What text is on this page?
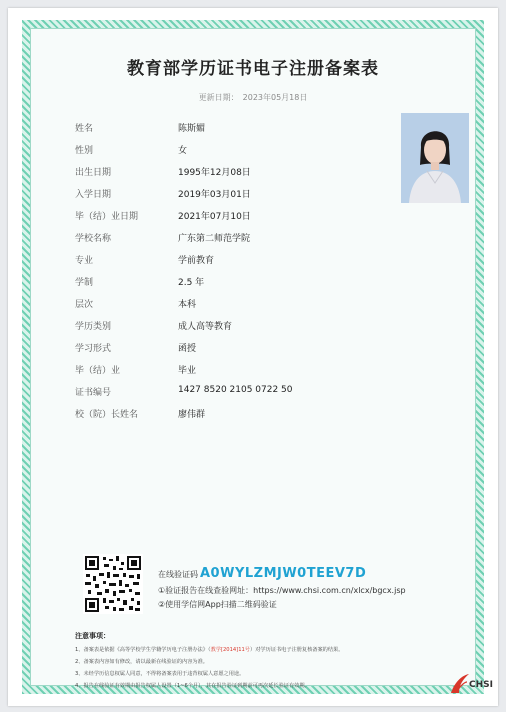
教育部学历证书电子注册备案表
更新日期： 2023年05月18日
姓名	陈斯媚
性别	女
出生日期	1995年12月08日
入学日期	2019年03月01日
毕（结）业日期	2021年07月10日
学校名称	广东第二师范学院
专业	学前教育
学制	2.5 年
层次	本科
学历类别	成人高等教育
学习形式	函授
毕（结）业	毕业
证书编号	1427 8520 2105 0722 50
校（院）长姓名	廖伟群
在线验证码 A0WYLZMJW0TEEV7D
①验证报告在线查验网址：https://www.chsi.com.cn/xlcx/bgcx.jsp
②使用学信网App扫描二维码验证
注意事项：
1、备案表是依据《高等学校学生学籍学历电子注册办法》（教学[2014]11号）对学历证书电子注册复核备案的结果。
2、备案表内容如有修改，请以最新在线验证的内容为准。
3、未经学历信息权属人同意，不得将备案表用于违背权属人意愿之用途。
4、报告在线验证有效期由报告权属人设置（1~6个月），其在报告验证到期前可再次延长验证有效期。	CHSI
